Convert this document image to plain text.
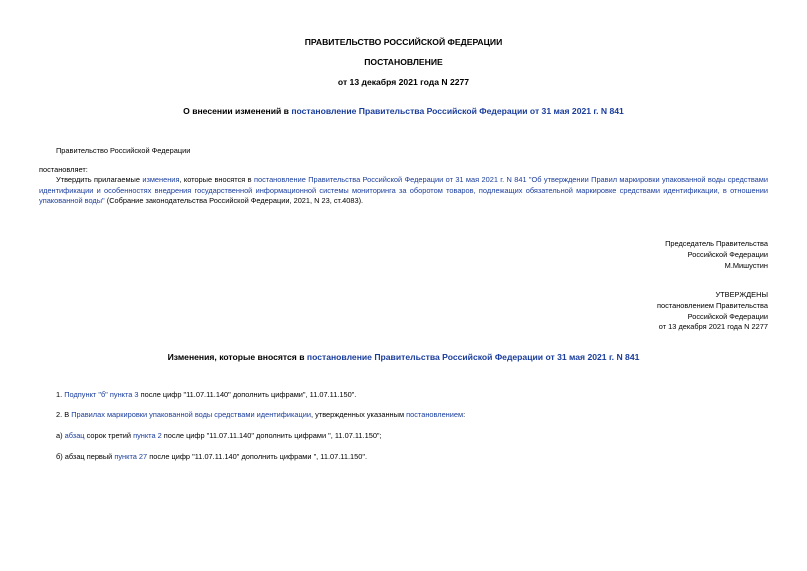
ПРАВИТЕЛЬСТВО РОССИЙСКОЙ ФЕДЕРАЦИИ
ПОСТАНОВЛЕНИЕ
от 13 декабря 2021 года N 2277
О внесении изменений в постановление Правительства Российской Федерации от 31 мая 2021 г. N 841
Правительство Российской Федерации
постановляет:
Утвердить прилагаемые изменения, которые вносятся в постановление Правительства Российской Федерации от 31 мая 2021 г. N 841 "Об утверждении Правил маркировки упакованной воды средствами идентификации и особенностях внедрения государственной информационной системы мониторинга за оборотом товаров, подлежащих обязательной маркировке средствами идентификации, в отношении упакованной воды" (Собрание законодательства Российской Федерации, 2021, N 23, ст.4083).
Председатель Правительства
Российской Федерации
М.Мишустин
УТВЕРЖДЕНЫ
постановлением Правительства
Российской Федерации
от 13 декабря 2021 года N 2277
Изменения, которые вносятся в постановление Правительства Российской Федерации от 31 мая 2021 г. N 841
1. Подпункт "б" пункта 3 после цифр "11.07.11.140" дополнить цифрами", 11.07.11.150".
2. В Правилах маркировки упакованной воды средствами идентификации, утвержденных указанным постановлением:
а) абзац сорок третий пункта 2 после цифр "11.07.11.140" дополнить цифрами ", 11.07.11.150";
б) абзац первый пункта 27 после цифр "11.07.11.140" дополнить цифрами ", 11.07.11.150".
